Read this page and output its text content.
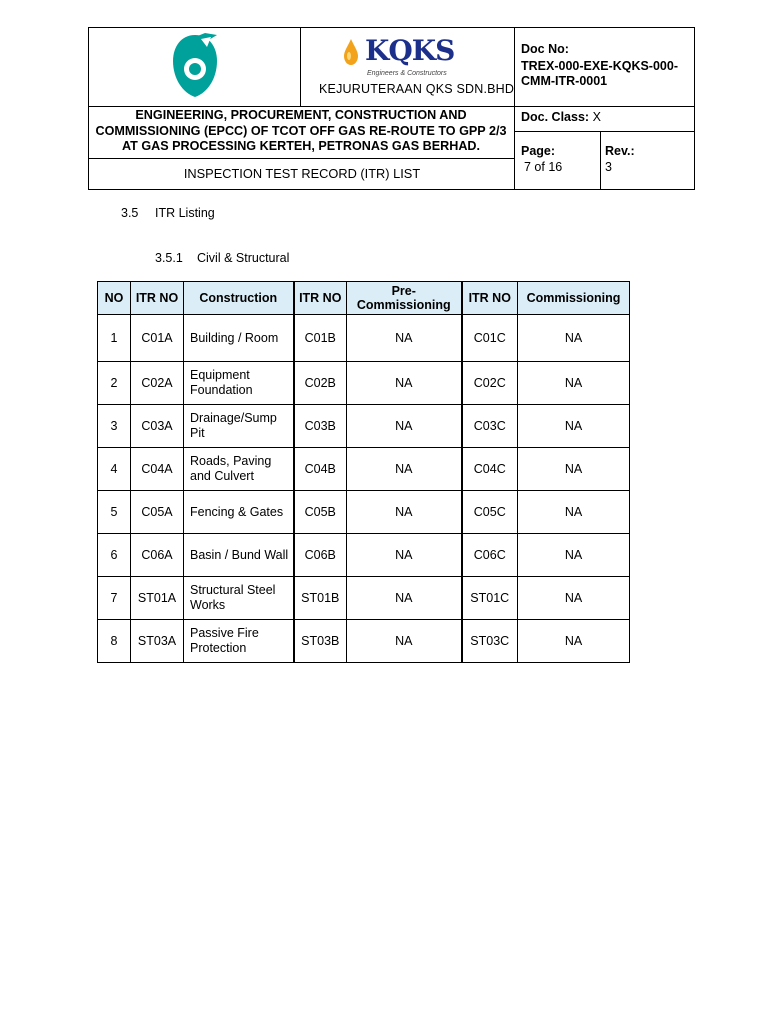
KQKS
Engineers & Constructors
KEJURUTERAAN QKS SDN.BHD
Doc No:
TREX-000-EXE-KQKS-000-CMM-ITR-0001
ENGINEERING, PROCUREMENT, CONSTRUCTION AND COMMISSIONING (EPCC) OF TCOT OFF GAS RE-ROUTE TO GPP 2/3 AT GAS PROCESSING KERTEH, PETRONAS GAS BERHAD.
Doc. Class: X
Page:
7 of 16
Rev.:
3
INSPECTION TEST RECORD (ITR) LIST
3.5 ITR Listing
3.5.1 Civil & Structural
NO	ITR NO	Construction	ITR NO	Pre-Commissioning	ITR NO	Commissioning
1	C01A	Building / Room	C01B	NA	C01C	NA
2	C02A	Equipment Foundation	C02B	NA	C02C	NA
3	C03A	Drainage/Sump Pit	C03B	NA	C03C	NA
4	C04A	Roads, Paving and Culvert	C04B	NA	C04C	NA
5	C05A	Fencing & Gates	C05B	NA	C05C	NA
6	C06A	Basin / Bund Wall	C06B	NA	C06C	NA
7	ST01A	Structural Steel Works	ST01B	NA	ST01C	NA
8	ST03A	Passive Fire Protection	ST03B	NA	ST03C	NA
